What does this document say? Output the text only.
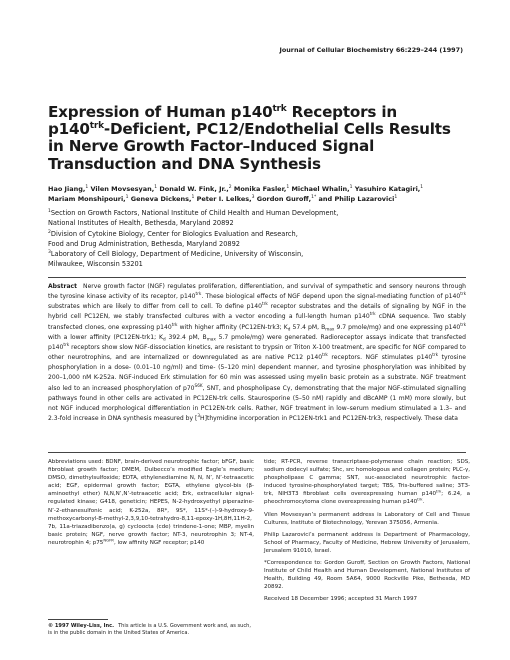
Journal of Cellular Biochemistry 66:229–244 (1997)
Expression of Human $p140^{trk}$ Receptors in
$p140^{trk}$-Deficient, PC12/Endothelial Cells Results
in Nerve Growth Factor–Induced Signal
Transduction and DNA Synthesis
Hao Jiang,$^1$ Vilen Movsesyan,$^1$ Donald W. Fink, Jr.,$^2$ Monika Fasler,$^1$ Michael Whalin,$^1$ Yasuhiro Katagiri,$^1$
Mariam Monshipouri,$^1$ Geneva Dickens,$^1$ Peter I. Lelkes,$^3$ Gordon Guroff,$^{1*}$ and Philip Lazarovici$^1$
$^1$Section on Growth Factors, National Institute of Child Health and Human Development,
National Institutes of Health, Bethesda, Maryland 20892
$^2$Division of Cytokine Biology, Center for Biologics Evaluation and Research,
Food and Drug Administration, Bethesda, Maryland 20892
$^3$Laboratory of Cell Biology, Department of Medicine, University of Wisconsin,
Milwaukee, Wisconsin 53201
Abstract Nerve growth factor (NGF) regulates proliferation, differentiation, and survival of sympathetic and sensory neurons through the tyrosine kinase activity of its receptor, $p140^{trk}$. These biological effects of NGF depend upon the signal-mediating function of $p140^{trk}$ substrates which are likely to differ from cell to cell. To define $p140^{trk}$ receptor substrates and the details of signaling by NGF in the hybrid cell PC12EN, we stably transfected cultures with a vector encoding a full-length human $p140^{trk}$ cDNA sequence. Two stably transfected clones, one expressing $p140^{trk}$ with higher affinity (PC12EN-trk3; $K_d$ 57.4 pM, $B_{max}$ 9.7 pmole/mg) and one expressing $p140^{trk}$ with a lower affinity (PC12EN-trk1; $K_d$ 392.4 pM, $B_{max}$ 5.7 pmole/mg) were generated. Radioreceptor assays indicate that transfected $p140^{trk}$ receptors show slow NGF-dissociation kinetics, are resistant to trypsin or Triton X-100 treatment, are specific for NGF compared to other neurotrophins, and are internalized or downregulated as are native PC12 $p140^{trk}$ receptors. NGF stimulates $p140^{trk}$ tyrosine phosphorylation in a dose- (0.01–10 ng/ml) and time- (5–120 min) dependent manner, and tyrosine phosphorylation was inhibited by 200–1,000 nM K-252a. NGF-induced Erk stimulation for 60 min was assessed using myelin basic protein as a substrate. NGF treatment also led to an increased phosphorylation of $p70^{S6K}$, SNT, and phospholipase Cγ, demonstrating that the major NGF-stimulated signalling pathways found in other cells are activated in PC12EN-trk cells. Staurosporine (5–50 nM) rapidly and dBcAMP (1 mM) more slowly, but not NGF induced morphological differentiation in PC12EN-trk cells. Rather, NGF treatment in low–serum medium stimulated a 1.3– and 2.3-fold increase in DNA synthesis measured by [$^3$H]thymidine incorporation in PC12EN-trk1 and PC12EN-trk3, respectively. These data

Abbreviations used: BDNF, brain-derived neurotrophic factor; bFGF, basic fibroblast growth factor; DMEM, Dulbecco’s modified Eagle’s medium; DMSO, dimethylsulfoxide; EDTA, ethylenediamine N, N, N’, N’-tetraacetic acid; EGF, epidermal growth factor; EGTA, ethylene glycol-bis (β-aminoethyl ether) N,N,N’,N’-tetraacetic acid; Erk, extracellular signal-regulated kinase; G418, geneticin; HEPES, N-2-hydroxyethyl piperazine-N’-2-ethanesulfonic acid; K-252a, 8R*, 9S*, 11S*-(–)-9-hydroxy-9-methoxycarbonyl-8-methyl-2,3,9,10-tetrahydro-8,11-epoxy-1H,8H,11H-2, 7b, 11a-triazadibenzo(a, g) cycloocta (cde) trindene-1-one; MBP, myelin basic protein; NGF, nerve growth factor; NT-3, neurotrophin 3; NT-4, neurotrophin 4; $p75^{NGFR}$, low affinity NGF receptor; p140

tide; RT-PCR, reverse transcriptase-polymerase chain reaction; SDS, sodium dodecyl sulfate; Shc, src homologous and collagen protein; PLC-γ, phospholipase C gamma; SNT, suc-associated neurotrophic factor-induced tyrosine-phosphorylated target; TBS, Tris-buffered saline; 3T3-trk, NIH3T3 fibroblast cells overexpressing human $p140^{trk}$; 6.24, a pheochromocytoma clone overexpressing human $p140^{trk}$.

Vilen Movsesyan’s permanent address is Laboratory of Cell and Tissue Cultures, Institute of Biotechnology, Yerevan 375056, Armenia.

Philip Lazarovici’s permanent address is Department of Pharmacology, School of Pharmacy, Faculty of Medicine, Hebrew University of Jerusalem, Jerusalem 91010, Israel.

*Correspondence to: Gordon Guroff, Section on Growth Factors, National Institute of Child Health and Human Development, National Institutes of Health, Building 49, Room 5A64, 9000 Rockville Pike, Bethesda, MD 20892.

Received 18 December 1996; accepted 31 March 1997

© 1997 Wiley-Liss, Inc. This article is a U.S. Government work and, as such, is in the public domain in the United States of America.
